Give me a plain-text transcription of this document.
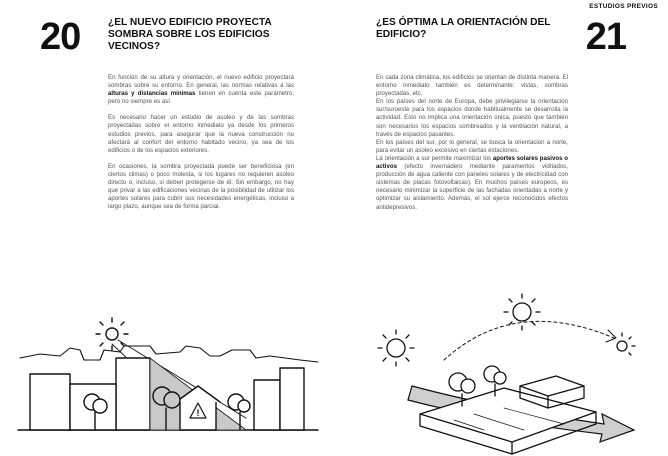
20	¿EL NUEVO EDIFICIO PROYECTA SOMBRA SOBRE LOS EDIFICIOS VECINOS?

En función de su altura y orientación, el nuevo edificio proyectará sombras sobre su entorno. En general, las normas relativas a las alturas y distancias mínimas tienen en cuenta este parámetro, pero no siempre es así.

Es necesario hacer un estudio de asoleo y de las sombras proyectadas sobre el entorno inmediato ya desde los primeros estudios previos, para asegurar que la nueva construcción no afectará al confort del entorno habitado vecino, ya sea de los edificios o de los espacios exteriores.

En ocasiones, la sombra proyectada puede ser beneficiosa (en ciertos climas) o poco molesta, si los lugares no requieren asoleo directo o, incluso, si deben protegerse de él. Sin embargo, no hay que privar a las edificaciones vecinas de la posibilidad de utilizar los aportes solares para cubrir sus necesidades energéticas, incluso a largo plazo, aunque sea de forma parcial.

!
ESTUDIOS PREVIOS
21
¿ES ÓPTIMA LA ORIENTACIÓN DEL EDIFICIO?

En cada zona climática, los edificios se orientan de distinta manera. El entorno inmediato también es determinante: vistas, sombras proyectadas, etc.

En los países del norte de Europa, debe privilegiarse la orientación sur/suroeste para los espacios donde habitualmente se desarrolla la actividad. Esto no implica una orientación única, puesto que también son necesarios los espacios sombreados y la ventilación natural, a través de espacios pasantes.

En los países del sur, por lo general, se busca la orientación a norte, para evitar un asoleo excesivo en ciertas estaciones.

La orientación a sur permite maximizar los aportes solares pasivos o activos (efecto invernadero mediante paramentos vidriados, producción de agua caliente con paneles solares y de electricidad con sistemas de placas fotovoltaicas). En muchos países europeos, es necesario minimizar la superficie de las fachadas orientadas a norte y optimizar su aislamiento. Además, el sol ejerce reconocidos efectos antidepresivos.
